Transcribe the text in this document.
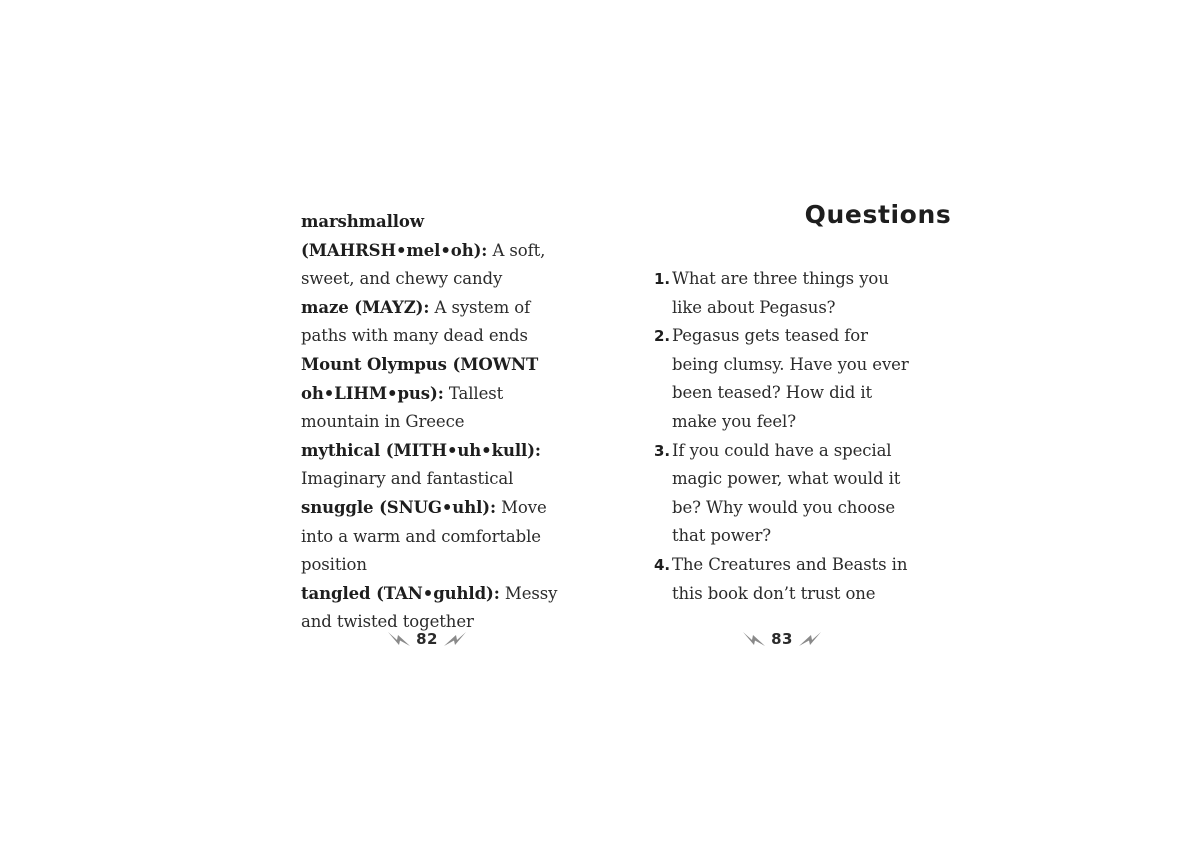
marshmallow (MAHRSH•mel•oh): A soft, sweet, and chewy candy

maze (MAYZ): A system of paths with many dead ends

Mount Olympus (MOWNT oh•LIHM•pus): Tallest mountain in Greece

mythical (MITH•uh•kull): Imaginary and fantastical

snuggle (SNUG•uhl): Move into a warm and comfortable position

tangled (TAN•guhld): Messy and twisted together

82
Questions
1. What are three things you like about Pegasus?
2. Pegasus gets teased for being clumsy. Have you ever been teased? How did it make you feel?
3. If you could have a special magic power, what would it be? Why would you choose that power?
4. The Creatures and Beasts in this book don’t trust one
83
